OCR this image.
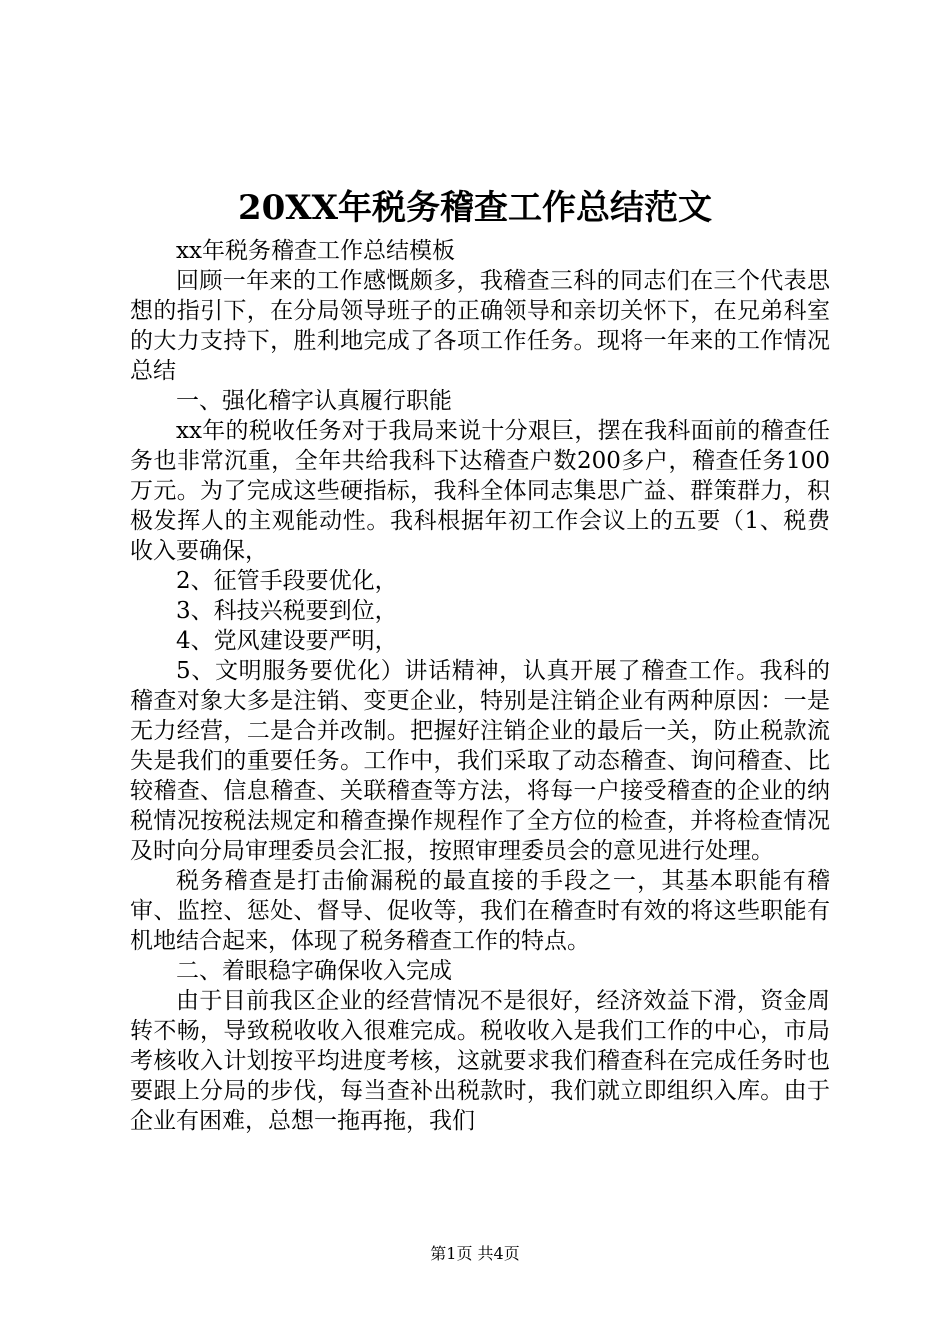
20XX年税务稽查工作总结范文

xx年税务稽查工作总结模板

回顾一年来的工作感慨颇多，我稽查三科的同志们在三个代表思想的指引下，在分局领导班子的正确领导和亲切关怀下，在兄弟科室的大力支持下，胜利地完成了各项工作任务。现将一年来的工作情况总结

一、强化稽字认真履行职能

xx年的税收任务对于我局来说十分艰巨，摆在我科面前的稽查任务也非常沉重，全年共给我科下达稽查户数200多户，稽查任务100万元。为了完成这些硬指标，我科全体同志集思广益、群策群力，积极发挥人的主观能动性。我科根据年初工作会议上的五要（1、税费收入要确保，

2、征管手段要优化，

3、科技兴税要到位，

4、党风建设要严明，

5、文明服务要优化）讲话精神，认真开展了稽查工作。我科的稽查对象大多是注销、变更企业，特别是注销企业有两种原因：一是无力经营，二是合并改制。把握好注销企业的最后一关，防止税款流失是我们的重要任务。工作中，我们采取了动态稽查、询问稽查、比较稽查、信息稽查、关联稽查等方法，将每一户接受稽查的企业的纳税情况按税法规定和稽查操作规程作了全方位的检查，并将检查情况及时向分局审理委员会汇报，按照审理委员会的意见进行处理。

税务稽查是打击偷漏税的最直接的手段之一，其基本职能有稽审、监控、惩处、督导、促收等，我们在稽查时有效的将这些职能有机地结合起来，体现了税务稽查工作的特点。

二、着眼稳字确保收入完成

由于目前我区企业的经营情况不是很好，经济效益下滑，资金周转不畅，导致税收收入很难完成。税收收入是我们工作的中心，市局考核收入计划按平均进度考核，这就要求我们稽查科在完成任务时也要跟上分局的步伐，每当查补出税款时，我们就立即组织入库。由于企业有困难，总想一拖再拖，我们

第1页 共4页
